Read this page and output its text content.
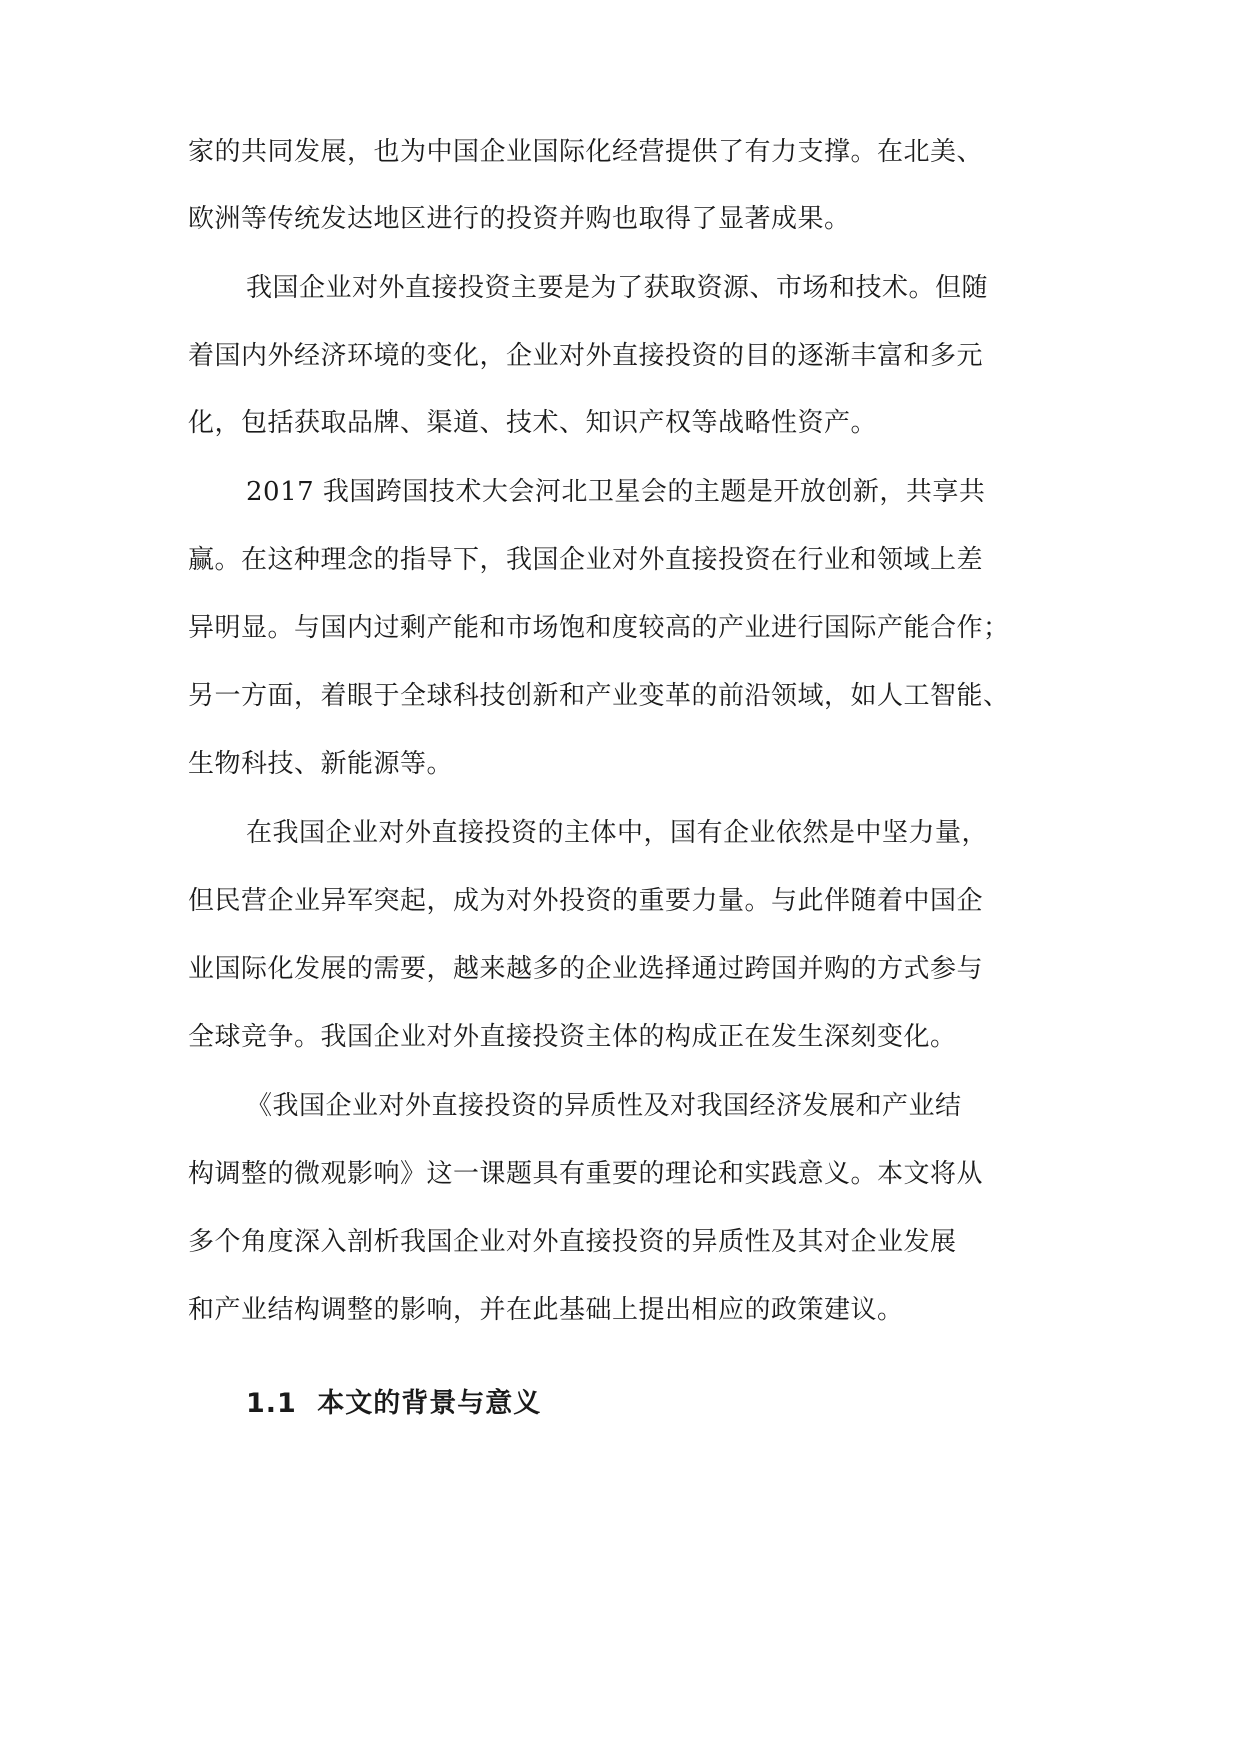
家的共同发展，也为中国企业国际化经营提供了有力支撑。在北美、
欧洲等传统发达地区进行的投资并购也取得了显著成果。
我国企业对外直接投资主要是为了获取资源、市场和技术。但随
着国内外经济环境的变化，企业对外直接投资的目的逐渐丰富和多元
化，包括获取品牌、渠道、技术、知识产权等战略性资产。
2017 我国跨国技术大会河北卫星会的主题是开放创新，共享共
赢。在这种理念的指导下，我国企业对外直接投资在行业和领域上差
异明显。与国内过剩产能和市场饱和度较高的产业进行国际产能合作；
另一方面，着眼于全球科技创新和产业变革的前沿领域，如人工智能、
生物科技、新能源等。
在我国企业对外直接投资的主体中，国有企业依然是中坚力量，
但民营企业异军突起，成为对外投资的重要力量。与此伴随着中国企
业国际化发展的需要，越来越多的企业选择通过跨国并购的方式参与
全球竞争。我国企业对外直接投资主体的构成正在发生深刻变化。
《我国企业对外直接投资的异质性及对我国经济发展和产业结
构调整的微观影响》这一课题具有重要的理论和实践意义。本文将从
多个角度深入剖析我国企业对外直接投资的异质性及其对企业发展
和产业结构调整的影响，并在此基础上提出相应的政策建议。
1.1 本文的背景与意义
